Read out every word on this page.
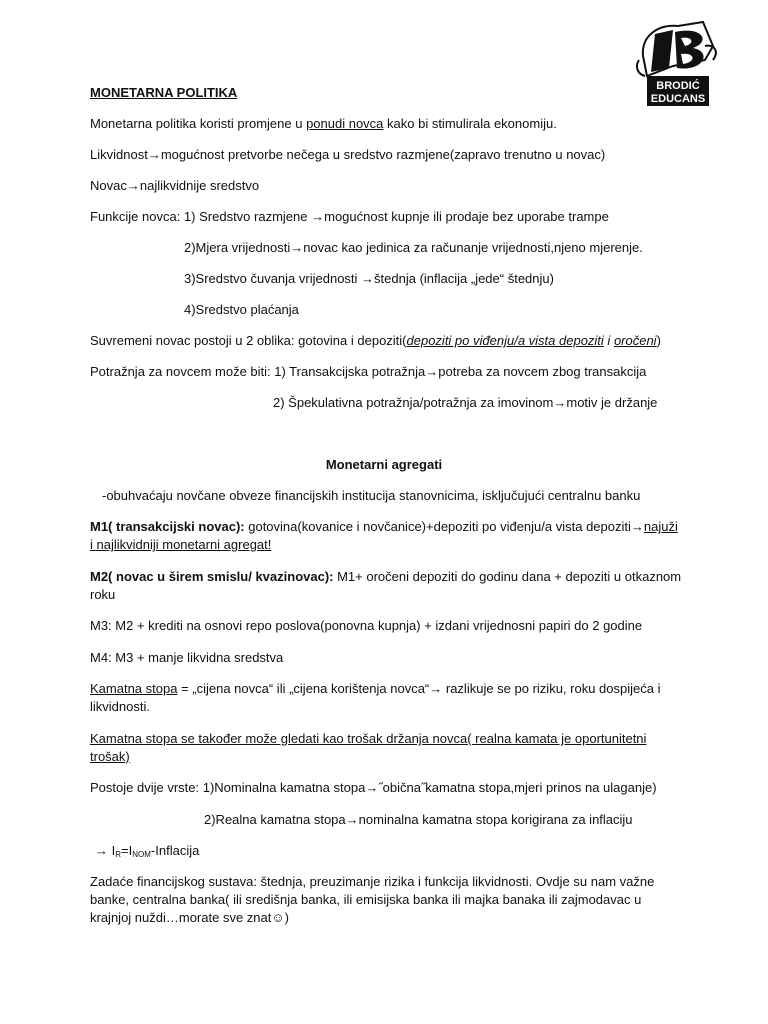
BRODIĆ
EDUCANS
MONETARNA POLITIKA
Monetarna politika koristi promjene u ponudi novca kako bi stimulirala ekonomiju.
Likvidnost→mogućnost pretvorbe nečega u sredstvo razmjene(zapravo trenutno u novac)
Novac→najlikvidnije sredstvo
Funkcije novca: 1) Sredstvo razmjene →mogućnost kupnje ili prodaje bez uporabe trampe
2)Mjera vrijednosti→novac kao jedinica za računanje vrijednosti,njeno mjerenje.
3)Sredstvo čuvanja vrijednosti →štednja (inflacija „jede“ štednju)
4)Sredstvo plaćanja
Suvremeni novac postoji u 2 oblika: gotovina i depoziti(depoziti po viđenju/a vista depoziti i oročeni)
Potražnja za novcem može biti: 1) Transakcijska potražnja→potreba za novcem zbog transakcija
2) Špekulativna potražnja/potražnja za imovinom→motiv je držanje
Monetarni agregati
-obuhvaćaju novčane obveze financijskih institucija stanovnicima, isključujući centralnu banku
M1( transakcijski novac): gotovina(kovanice i novčanice)+depoziti po viđenju/a vista depoziti→najuži
i najlikvidniji monetarni agregat!
M2( novac u širem smislu/ kvazinovac): M1+ oročeni depoziti do godinu dana + depoziti u otkaznom
roku
M3: M2 + krediti na osnovi repo poslova(ponovna kupnja) + izdani vrijednosni papiri do 2 godine
M4: M3 + manje likvidna sredstva
Kamatna stopa = „cijena novca“ ili „cijena korištenja novca“→ razlikuje se po riziku, roku dospijeća i
likvidnosti.
Kamatna stopa se također može gledati kao trošak držanja novca( realna kamata je oportunitetni
trošak)
Postoje dvije vrste: 1)Nominalna kamatna stopa→˝obična˝kamatna stopa,mjeri prinos na ulaganje)
2)Realna kamatna stopa→nominalna kamatna stopa korigirana za inflaciju
→ $I_R=I_{NOM}$-Inflacija
Zadaće financijskog sustava: štednja, preuzimanje rizika i funkcija likvidnosti. Ovdje su nam važne
banke, centralna banka( ili središnja banka, ili emisijska banka ili majka banaka ili zajmodavac u
krajnjoj nuždi…morate sve znat☺)
